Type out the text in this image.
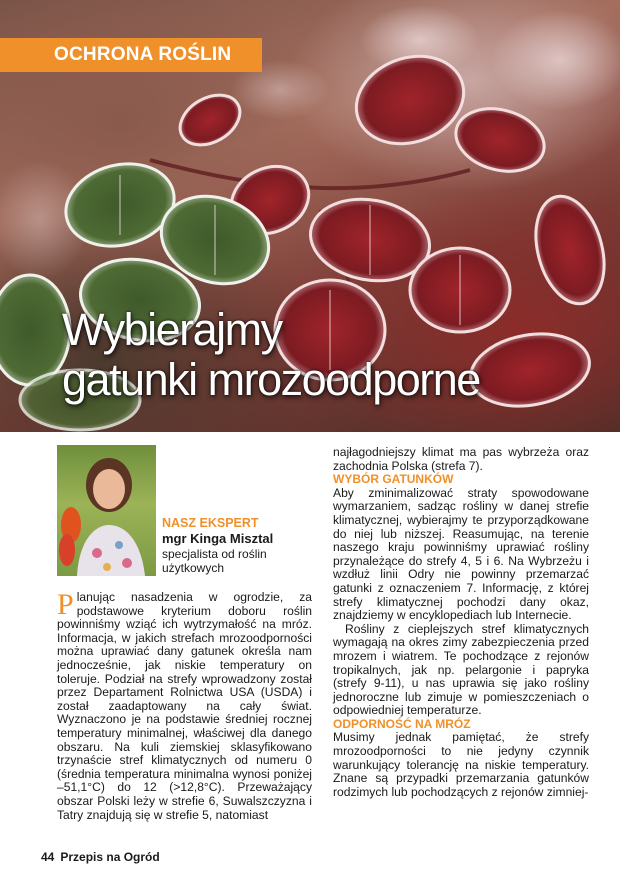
OCHRONA ROŚLIN
Wybierajmy
gatunki mrozoodporne
NASZ EKSPERT
mgr Kinga Misztal
specjalista od roślin użytkowych

Planując nasadzenia w ogrodzie, za podstawowe kryterium doboru roślin powinniśmy wziąć ich wytrzymałość na mróz. Informacja, w jakich strefach mrozoodporności można uprawiać dany gatunek określa nam jednocześnie, jak niskie temperatury on toleruje. Podział na strefy wprowadzony został przez Departament Rolnictwa USA (USDA) i został zaadaptowany na cały świat. Wyznaczono je na podstawie średniej rocznej temperatury minimalnej, właściwej dla danego obszaru. Na kuli ziemskiej sklasyfikowano trzynaście stref klimatycznych od numeru 0 (średnia temperatura minimalna wynosi poniżej –51,1°C) do 12 (>12,8°C). Przeważający obszar Polski leży w strefie 6, Suwalszczyzna i Tatry znajdują się w strefie 5, natomiast

najłagodniejszy klimat ma pas wybrzeża oraz zachodnia Polska (strefa 7).

WYBÓR GATUNKÓW

Aby zminimalizować straty spowodowane wymarzaniem, sadząc rośliny w danej strefie klimatycznej, wybierajmy te przyporządkowane do niej lub niższej. Reasumując, na terenie naszego kraju powinniśmy uprawiać rośliny przynależące do strefy 4, 5 i 6. Na Wybrzeżu i wzdłuż linii Odry nie powinny przemarzać gatunki z oznaczeniem 7. Informację, z której strefy klimatycznej pochodzi dany okaz, znajdziemy w encyklopediach lub Internecie.

Rośliny z cieplejszych stref klimatycznych wymagają na okres zimy zabezpieczenia przed mrozem i wiatrem. Te pochodzące z rejonów tropikalnych, jak np. pelargonie i papryka (strefy 9-11), u nas uprawia się jako rośliny jednoroczne lub zimuje w pomieszczeniach o odpowiedniej temperaturze.

ODPORNOŚĆ NA MRÓZ

Musimy jednak pamiętać, że strefy mrozoodporności to nie jedyny czynnik warunkujący tolerancję na niskie temperatury. Znane są przypadki przemarzania gatunków rodzimych lub pochodzących z rejonów zimniej-

44 Przepis na Ogród
